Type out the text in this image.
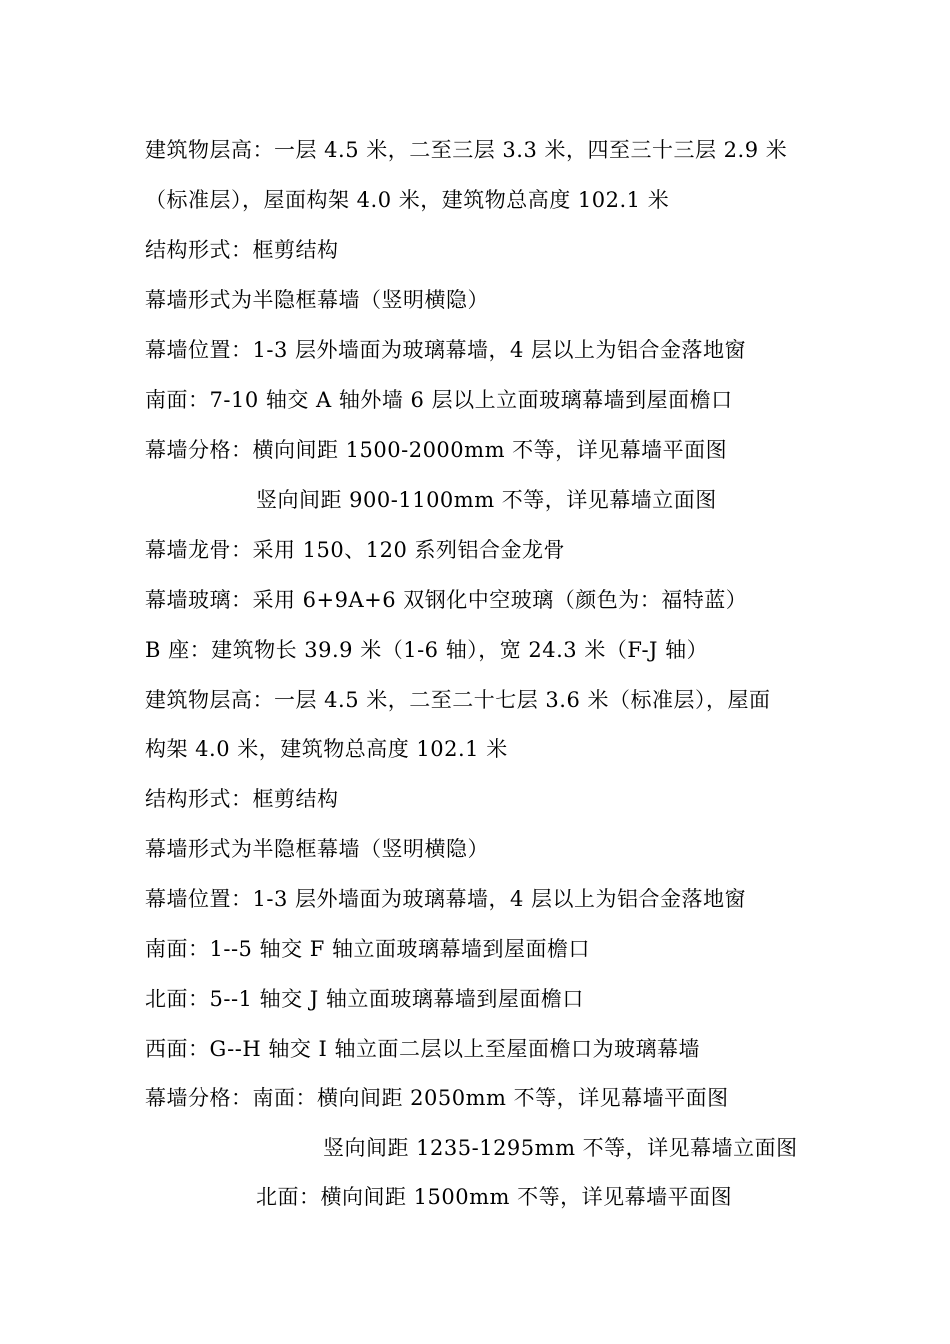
建筑物层高：一层 4.5 米，二至三层 3.3 米，四至三十三层 2.9 米
（标准层），屋面构架 4.0 米，建筑物总高度 102.1 米
结构形式：框剪结构
幕墙形式为半隐框幕墙（竖明横隐）
幕墙位置：1-3 层外墙面为玻璃幕墙，4 层以上为铝合金落地窗
南面：7-10 轴交 A 轴外墙 6 层以上立面玻璃幕墙到屋面檐口
幕墙分格：横向间距 1500-2000mm 不等，详见幕墙平面图
竖向间距 900-1100mm 不等，详见幕墙立面图
幕墙龙骨：采用 150、120 系列铝合金龙骨
幕墙玻璃：采用 6+9A+6 双钢化中空玻璃（颜色为：福特蓝）
B 座：建筑物长 39.9 米（1-6 轴），宽 24.3 米（F-J 轴）
建筑物层高：一层 4.5 米，二至二十七层 3.6 米（标准层），屋面
构架 4.0 米，建筑物总高度 102.1 米
结构形式：框剪结构
幕墙形式为半隐框幕墙（竖明横隐）
幕墙位置：1-3 层外墙面为玻璃幕墙，4 层以上为铝合金落地窗
南面：1--5 轴交 F 轴立面玻璃幕墙到屋面檐口
北面：5--1 轴交 J 轴立面玻璃幕墙到屋面檐口
西面：G--H 轴交 I 轴立面二层以上至屋面檐口为玻璃幕墙
幕墙分格：南面：横向间距 2050mm 不等，详见幕墙平面图
竖向间距 1235-1295mm 不等，详见幕墙立面图
北面：横向间距 1500mm 不等，详见幕墙平面图
